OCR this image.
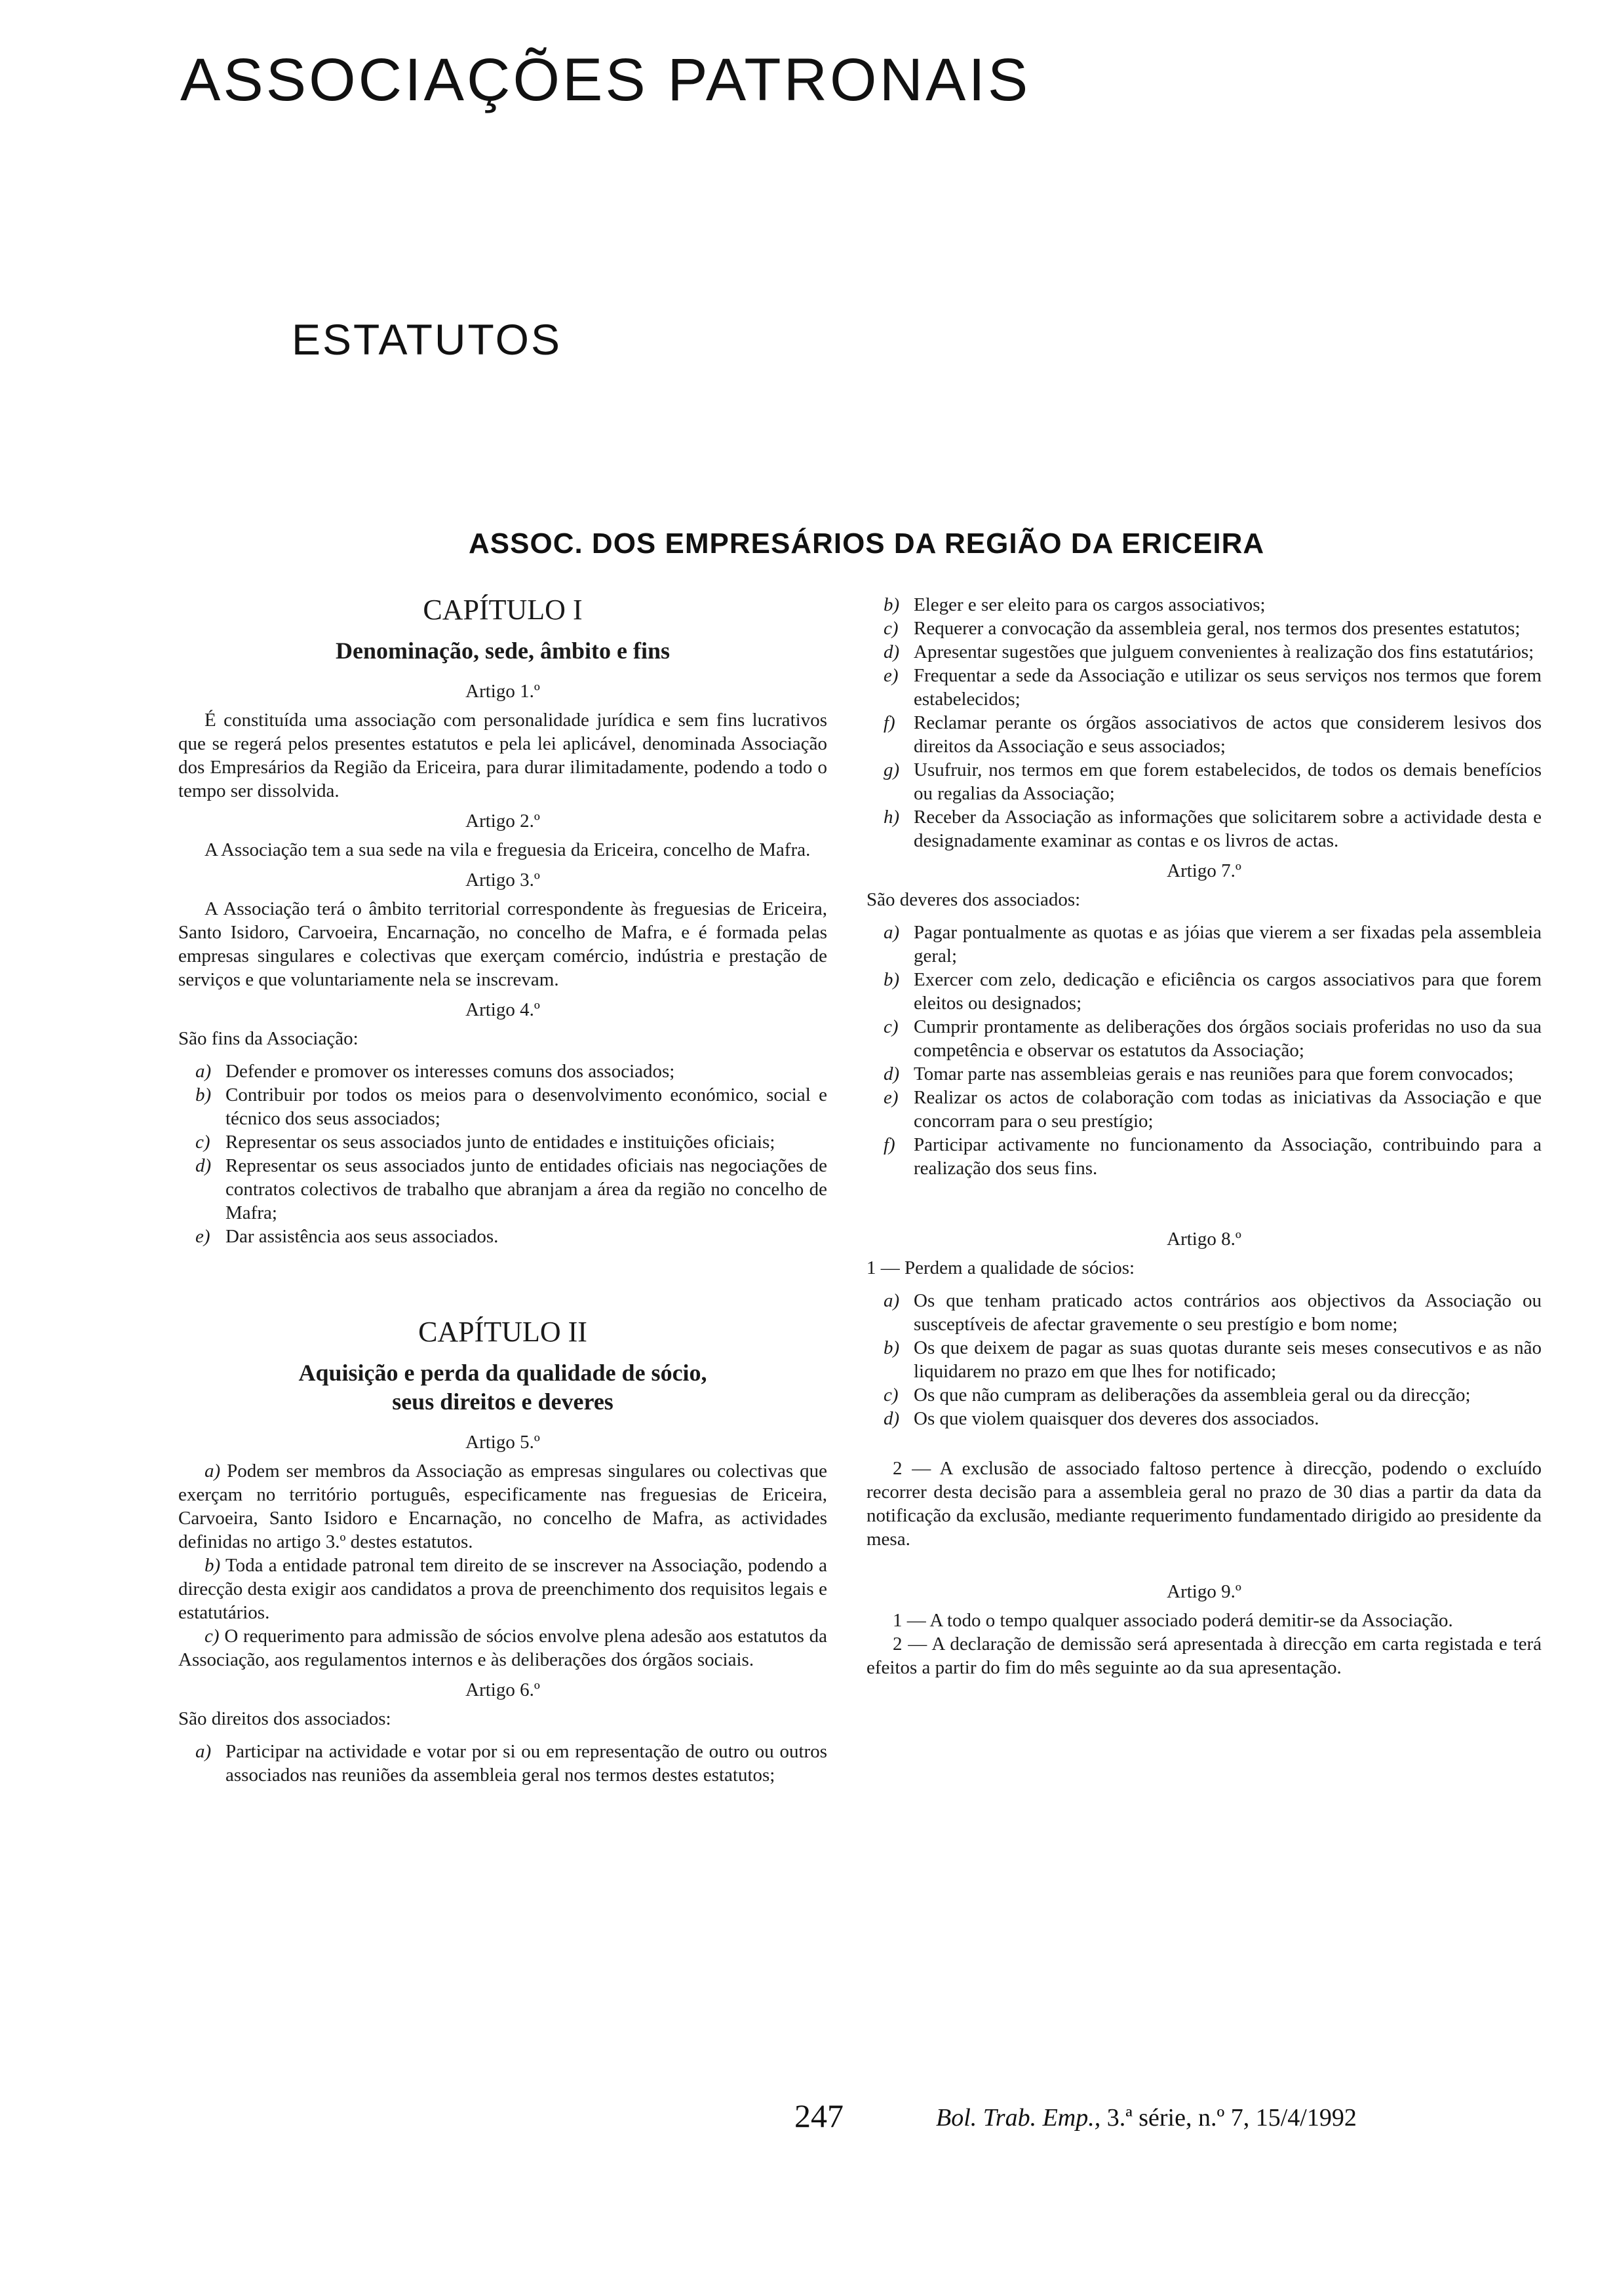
ASSOCIAÇÕES PATRONAIS
ESTATUTOS
ASSOC. DOS EMPRESÁRIOS DA REGIÃO DA ERICEIRA
CAPÍTULO I
Denominação, sede, âmbito e fins
Artigo 1.º

É constituída uma associação com personalidade jurídica e sem fins lucrativos que se regerá pelos presentes estatutos e pela lei aplicável, denominada Associação dos Empresários da Região da Ericeira, para durar ilimitadamente, podendo a todo o tempo ser dissolvida.

Artigo 2.º

A Associação tem a sua sede na vila e freguesia da Ericeira, concelho de Mafra.

Artigo 3.º

A Associação terá o âmbito territorial correspondente às freguesias de Ericeira, Santo Isidoro, Carvoeira, Encarnação, no concelho de Mafra, e é formada pelas empresas singulares e colectivas que exerçam comércio, indústria e prestação de serviços e que voluntariamente nela se inscrevam.

Artigo 4.º

São fins da Associação:

a) Defender e promover os interesses comuns dos associados;
b) Contribuir por todos os meios para o desenvolvimento económico, social e técnico dos seus associados;
c) Representar os seus associados junto de entidades e instituições oficiais;
d) Representar os seus associados junto de entidades oficiais nas negociações de contratos colectivos de trabalho que abranjam a área da região no concelho de Mafra;
e) Dar assistência aos seus associados.
CAPÍTULO II
Aquisição e perda da qualidade de sócio,
seus direitos e deveres
Artigo 5.º

a) Podem ser membros da Associação as empresas singulares ou colectivas que exerçam no território português, especificamente nas freguesias de Ericeira, Carvoeira, Santo Isidoro e Encarnação, no concelho de Mafra, as actividades definidas no artigo 3.º destes estatutos.

b) Toda a entidade patronal tem direito de se inscrever na Associação, podendo a direcção desta exigir aos candidatos a prova de preenchimento dos requisitos legais e estatutários.

c) O requerimento para admissão de sócios envolve plena adesão aos estatutos da Associação, aos regulamentos internos e às deliberações dos órgãos sociais.

Artigo 6.º

São direitos dos associados:

a) Participar na actividade e votar por si ou em representação de outro ou outros associados nas reuniões da assembleia geral nos termos destes estatutos;
b) Eleger e ser eleito para os cargos associativos;
c) Requerer a convocação da assembleia geral, nos termos dos presentes estatutos;
d) Apresentar sugestões que julguem convenientes à realização dos fins estatutários;
e) Frequentar a sede da Associação e utilizar os seus serviços nos termos que forem estabelecidos;
f) Reclamar perante os órgãos associativos de actos que considerem lesivos dos direitos da Associação e seus associados;
g) Usufruir, nos termos em que forem estabelecidos, de todos os demais benefícios ou regalias da Associação;
h) Receber da Associação as informações que solicitarem sobre a actividade desta e designadamente examinar as contas e os livros de actas.
Artigo 7.º

São deveres dos associados:

a) Pagar pontualmente as quotas e as jóias que vierem a ser fixadas pela assembleia geral;
b) Exercer com zelo, dedicação e eficiência os cargos associativos para que forem eleitos ou designados;
c) Cumprir prontamente as deliberações dos órgãos sociais proferidas no uso da sua competência e observar os estatutos da Associação;
d) Tomar parte nas assembleias gerais e nas reuniões para que forem convocados;
e) Realizar os actos de colaboração com todas as iniciativas da Associação e que concorram para o seu prestígio;
f) Participar activamente no funcionamento da Associação, contribuindo para a realização dos seus fins.
Artigo 8.º

1 — Perdem a qualidade de sócios:

a) Os que tenham praticado actos contrários aos objectivos da Associação ou susceptíveis de afectar gravemente o seu prestígio e bom nome;
b) Os que deixem de pagar as suas quotas durante seis meses consecutivos e as não liquidarem no prazo em que lhes for notificado;
c) Os que não cumpram as deliberações da assembleia geral ou da direcção;
d) Os que violem quaisquer dos deveres dos associados.

2 — A exclusão de associado faltoso pertence à direcção, podendo o excluído recorrer desta decisão para a assembleia geral no prazo de 30 dias a partir da data da notificação da exclusão, mediante requerimento fundamentado dirigido ao presidente da mesa.

Artigo 9.º

1 — A todo o tempo qualquer associado poderá demitir-se da Associação.

2 — A declaração de demissão será apresentada à direcção em carta registada e terá efeitos a partir do fim do mês seguinte ao da sua apresentação.

247	Bol. Trab. Emp., 3.ª série, n.º 7, 15/4/1992
